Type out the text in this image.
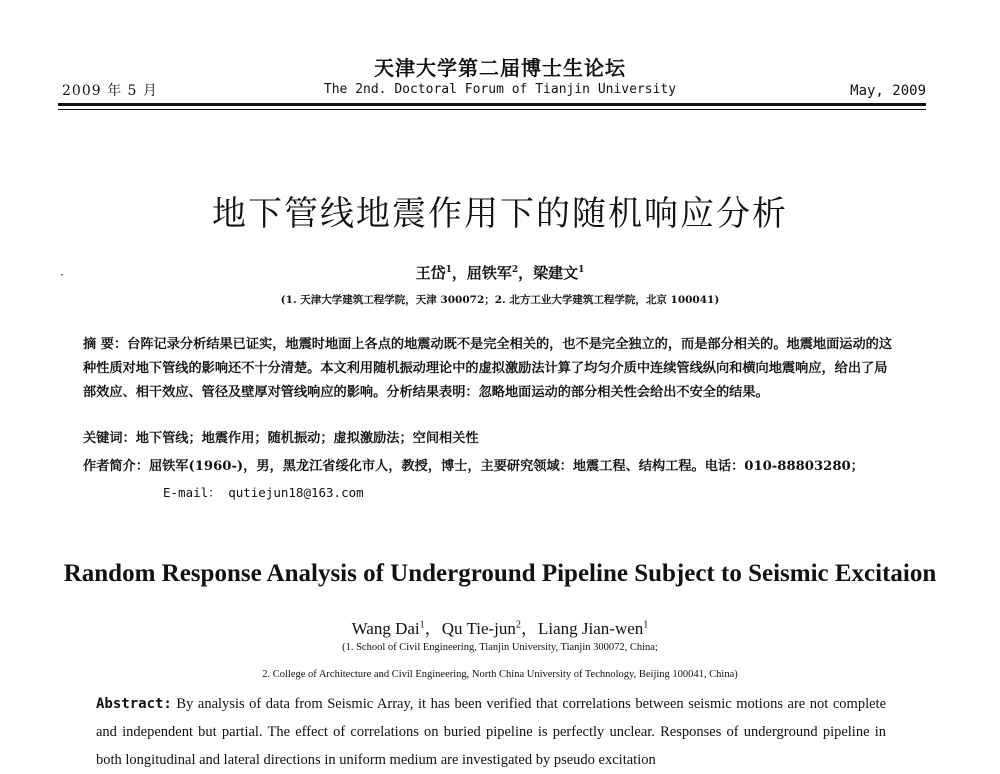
2009 年 5 月
天津大学第二届博士生论坛
The 2nd. Doctoral Forum of Tianjin University	May, 2009
地下管线地震作用下的随机响应分析
·	王岱$^1$，屈铁军$^2$，梁建文$^1$
(1. 天津大学建筑工程学院，天津 300072；2. 北方工业大学建筑工程学院，北京 100041)
摘 要：台阵记录分析结果已证实，地震时地面上各点的地震动既不是完全相关的，也不是完全独立的，而是部分相关的。地震地面运动的这种性质对地下管线的影响还不十分清楚。本文利用随机振动理论中的虚拟激励法计算了均匀介质中连续管线纵向和横向地震响应，给出了局部效应、相干效应、管径及壁厚对管线响应的影响。分析结果表明：忽略地面运动的部分相关性会给出不安全的结果。
关键词：地下管线；地震作用；随机振动；虚拟激励法；空间相关性
作者简介：屈铁军(1960-)，男，黑龙江省绥化市人，教授，博士，主要研究领域：地震工程、结构工程。电话：010-88803280；
E-mail： qutiejun18@163.com
Random Response Analysis of Underground Pipeline Subject to Seismic Excitaion
Wang Dai$^1$，Qu Tie-jun$^2$，Liang Jian-wen$^1$
(1. School of Civil Engineering, Tianjin University, Tianjin 300072, China;
2. College of Architecture and Civil Engineering, North China University of Technology, Beijing 100041, China)
Abstract: By analysis of data from Seismic Array, it has been verified that correlations between seismic motions are not complete and independent but partial. The effect of correlations on buried pipeline is perfectly unclear. Responses of underground pipeline in both longitudinal and lateral directions in uniform medium are investigated by pseudo excitation
